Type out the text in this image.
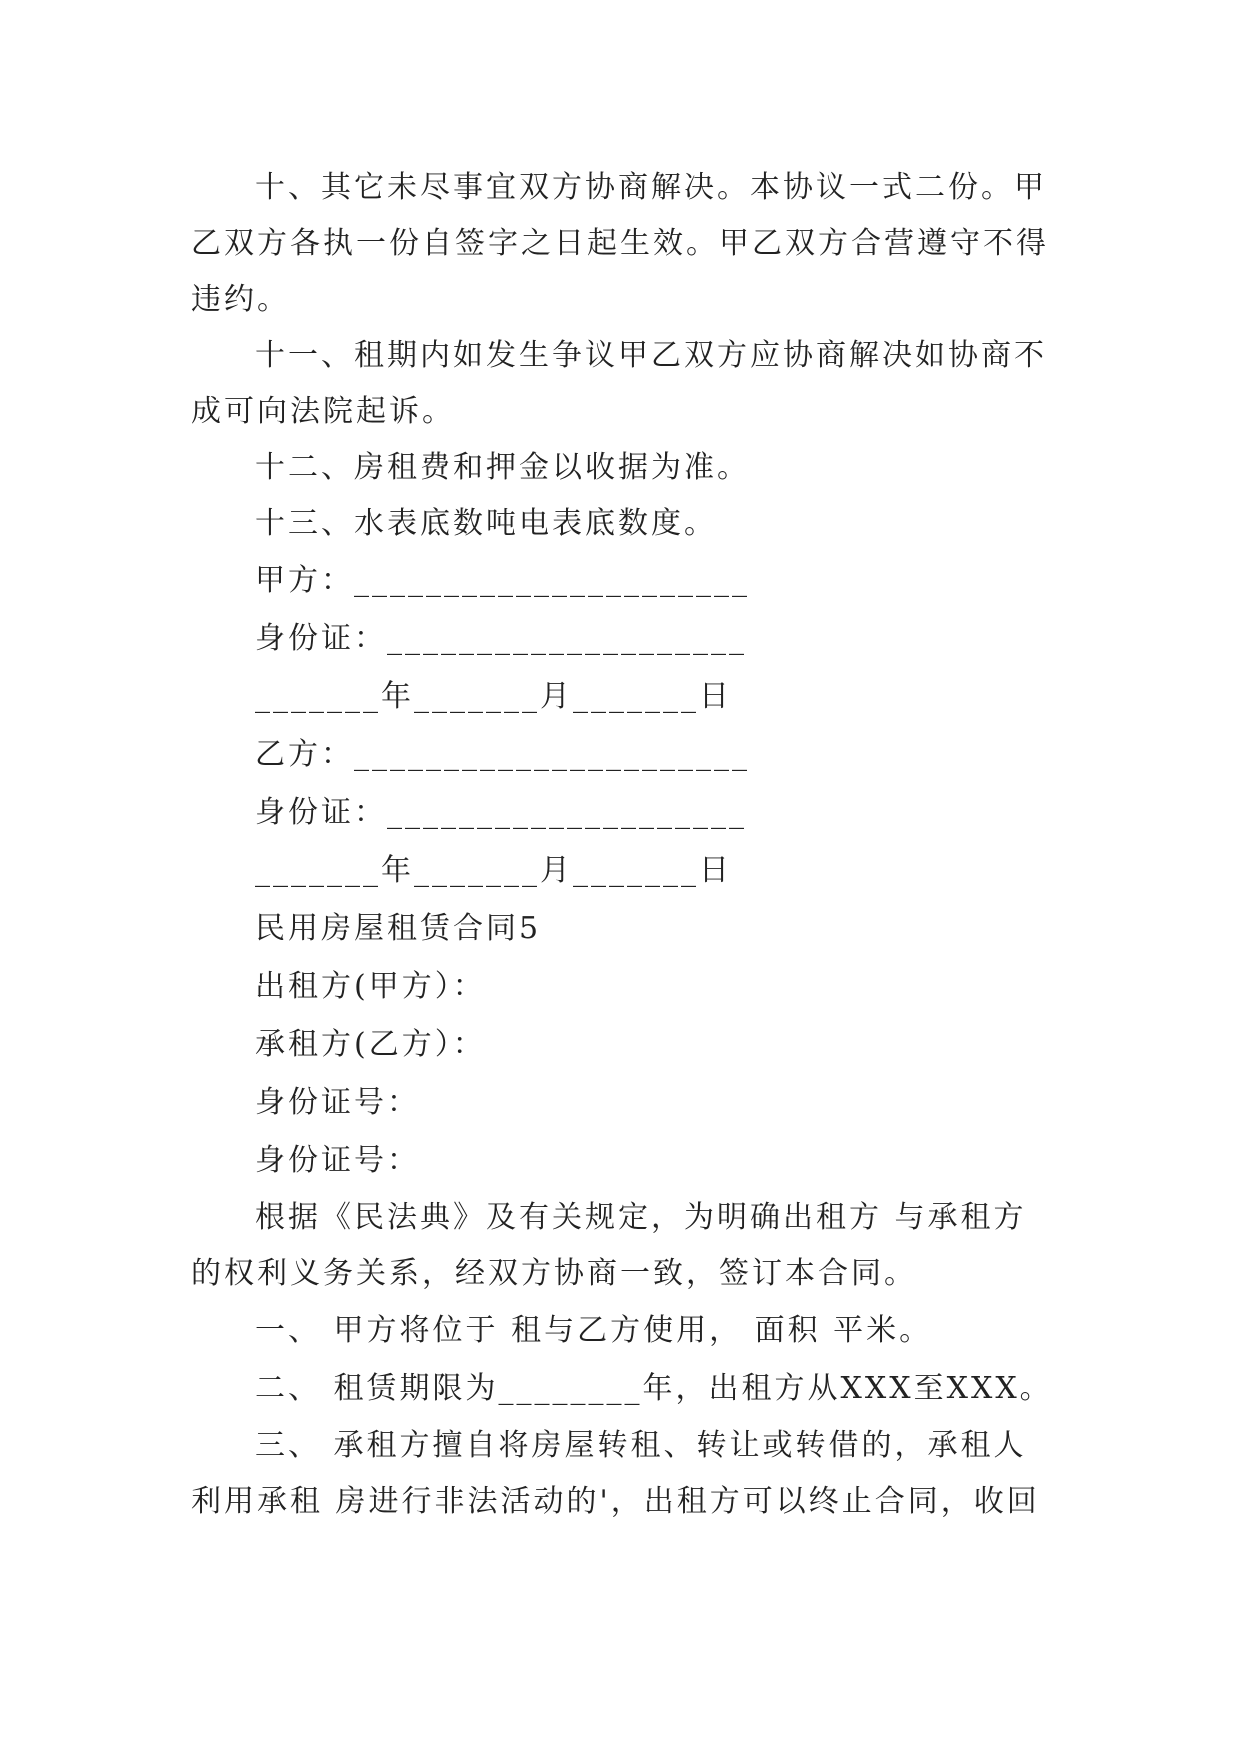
十、其它未尽事宜双方协商解决。本协议一式二份。甲乙双方各执一份自签字之日起生效。甲乙双方合营遵守不得违约。

十一、租期内如发生争议甲乙双方应协商解决如协商不成可向法院起诉。

十二、房租费和押金以收据为准。

十三、水表底数吨电表底数度。

甲方：______________________

身份证：____________________

_______年_______月_______日

乙方：______________________

身份证：____________________

_______年_______月_______日

民用房屋租赁合同5

出租方(甲方）：

承租方(乙方）：

身份证号：

身份证号：

根据《民法典》及有关规定，为明确出租方 与承租方的权利义务关系，经双方协商一致，签订本合同。

一、 甲方将位于 租与乙方使用， 面积 平米。

二、 租赁期限为________年，出租方从XXX至XXX。

三、 承租方擅自将房屋转租、转让或转借的，承租人利用承租 房进行非法活动的'，出租方可以终止合同，收回
